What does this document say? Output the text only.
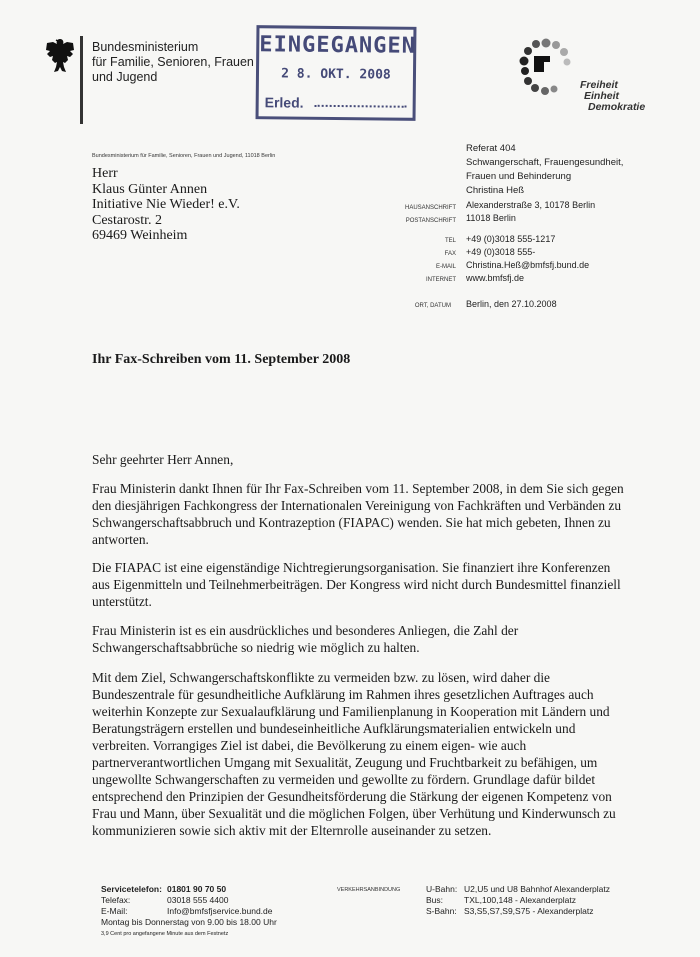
Bundesministerium
für Familie, Senioren, Frauen
und Jugend
EINGEGANGEN
2 8. OKT. 2008
Erled.
Freiheit
Einheit
Demokratie
Bundesministerium für Familie, Senioren, Frauen und Jugend, 11018 Berlin
Herr
Klaus Günter Annen
Initiative Nie Wieder! e.V.
Cestarostr. 2
69469 Weinheim
Referat 404
Schwangerschaft, Frauengesundheit,
Frauen und Behinderung
Christina Heß
HAUSANSCHRIFT Alexanderstraße 3, 10178 Berlin
POSTANSCHRIFT 11018 Berlin
TEL +49 (0)3018 555-1217
FAX +49 (0)3018 555-
E-MAIL Christina.Heß@bmfsfj.bund.de
INTERNET www.bmfsfj.de
ORT, DATUM Berlin, den 27.10.2008
Ihr Fax-Schreiben vom 11. September 2008

Sehr geehrter Herr Annen,

Frau Ministerin dankt Ihnen für Ihr Fax-Schreiben vom 11. September 2008, in dem Sie sich gegen den diesjährigen Fachkongress der Internationalen Vereinigung von Fachkräften und Verbänden zu Schwangerschaftsabbruch und Kontrazeption (FIAPAC) wenden. Sie hat mich gebeten, Ihnen zu antworten.

Die FIAPAC ist eine eigenständige Nichtregierungsorganisation. Sie finanziert ihre Konferenzen aus Eigenmitteln und Teilnehmerbeiträgen. Der Kongress wird nicht durch Bundesmittel finanziell unterstützt.

Frau Ministerin ist es ein ausdrückliches und besonderes Anliegen, die Zahl der Schwangerschaftsabbrüche so niedrig wie möglich zu halten.

Mit dem Ziel, Schwangerschaftskonflikte zu vermeiden bzw. zu lösen, wird daher die Bundeszentrale für gesundheitliche Aufklärung im Rahmen ihres gesetzlichen Auftrages auch weiterhin Konzepte zur Sexualaufklärung und Familienplanung in Kooperation mit Ländern und Beratungsträgern erstellen und bundeseinheitliche Aufklärungsmaterialien entwickeln und verbreiten. Vorrangiges Ziel ist dabei, die Bevölkerung zu einem eigen- wie auch partnerverantwortlichen Umgang mit Sexualität, Zeugung und Fruchtbarkeit zu befähigen, um ungewollte Schwangerschaften zu vermeiden und gewollte zu fördern. Grundlage dafür bildet entsprechend den Prinzipien der Gesundheitsförderung die Stärkung der eigenen Kompetenz von Frau und Mann, über Sexualität und die möglichen Folgen, über Verhütung und Kinderwunsch zu kommunizieren sowie sich aktiv mit der Elternrolle auseinander zu setzen.

Servicetelefon: 01801 90 70 50
Telefax:	03018 555 4400
E-Mail:	Info@bmfsfjservice.bund.de
Montag bis Donnerstag von 9.00 bis 18.00 Uhr
3,9 Cent pro angefangene Minute aus dem Festnetz
VERKEHRSANBINDUNG	U-Bahn: U2,U5 und U8 Bahnhof Alexanderplatz
Bus: TXL,100,148 - Alexanderplatz
S-Bahn: S3,S5,S7,S9,S75 - Alexanderplatz
